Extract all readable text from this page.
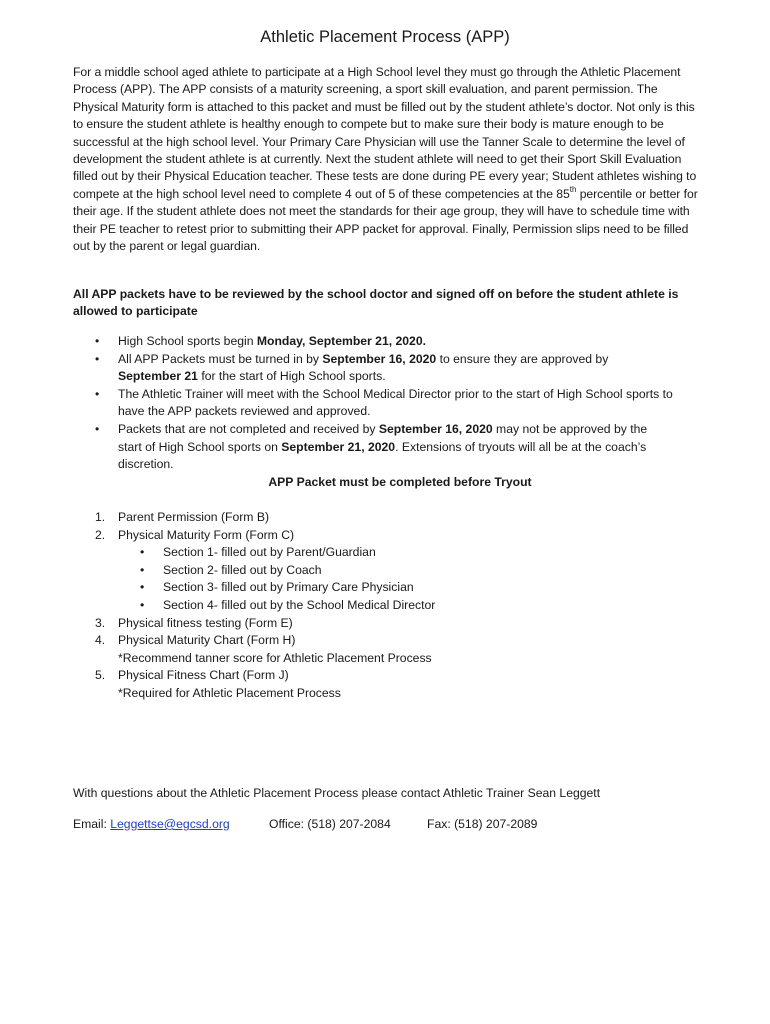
Athletic Placement Process (APP)
For a middle school aged athlete to participate at a High School level they must go through the Athletic Placement Process (APP). The APP consists of a maturity screening, a sport skill evaluation, and parent permission. The Physical Maturity form is attached to this packet and must be filled out by the student athlete’s doctor. Not only is this to ensure the student athlete is healthy enough to compete but to make sure their body is mature enough to be successful at the high school level. Your Primary Care Physician will use the Tanner Scale to determine the level of development the student athlete is at currently. Next the student athlete will need to get their Sport Skill Evaluation filled out by their Physical Education teacher. These tests are done during PE every year; Student athletes wishing to compete at the high school level need to complete 4 out of 5 of these competencies at the 85th percentile or better for their age. If the student athlete does not meet the standards for their age group, they will have to schedule time with their PE teacher to retest prior to submitting their APP packet for approval. Finally, Permission slips need to be filled out by the parent or legal guardian.
All APP packets have to be reviewed by the school doctor and signed off on before the student athlete is allowed to participate
• High School sports begin Monday, September 21, 2020.
• All APP Packets must be turned in by September 16, 2020 to ensure they are approved by September 21 for the start of High School sports.
• The Athletic Trainer will meet with the School Medical Director prior to the start of High School sports to have the APP packets reviewed and approved.
• Packets that are not completed and received by September 16, 2020 may not be approved by the start of High School sports on September 21, 2020. Extensions of tryouts will all be at the coach’s discretion.
APP Packet must be completed before Tryout
1. Parent Permission (Form B)
2. Physical Maturity Form (Form C)
• Section 1- filled out by Parent/Guardian
• Section 2- filled out by Coach
• Section 3- filled out by Primary Care Physician
• Section 4- filled out by the School Medical Director
3. Physical fitness testing (Form E)
4. Physical Maturity Chart (Form H)
*Recommend tanner score for Athletic Placement Process
5. Physical Fitness Chart (Form J)
*Required for Athletic Placement Process
With questions about the Athletic Placement Process please contact Athletic Trainer Sean Leggett
Email: Leggettse@egcsd.org	Office: (518) 207-2084	Fax: (518) 207-2089
